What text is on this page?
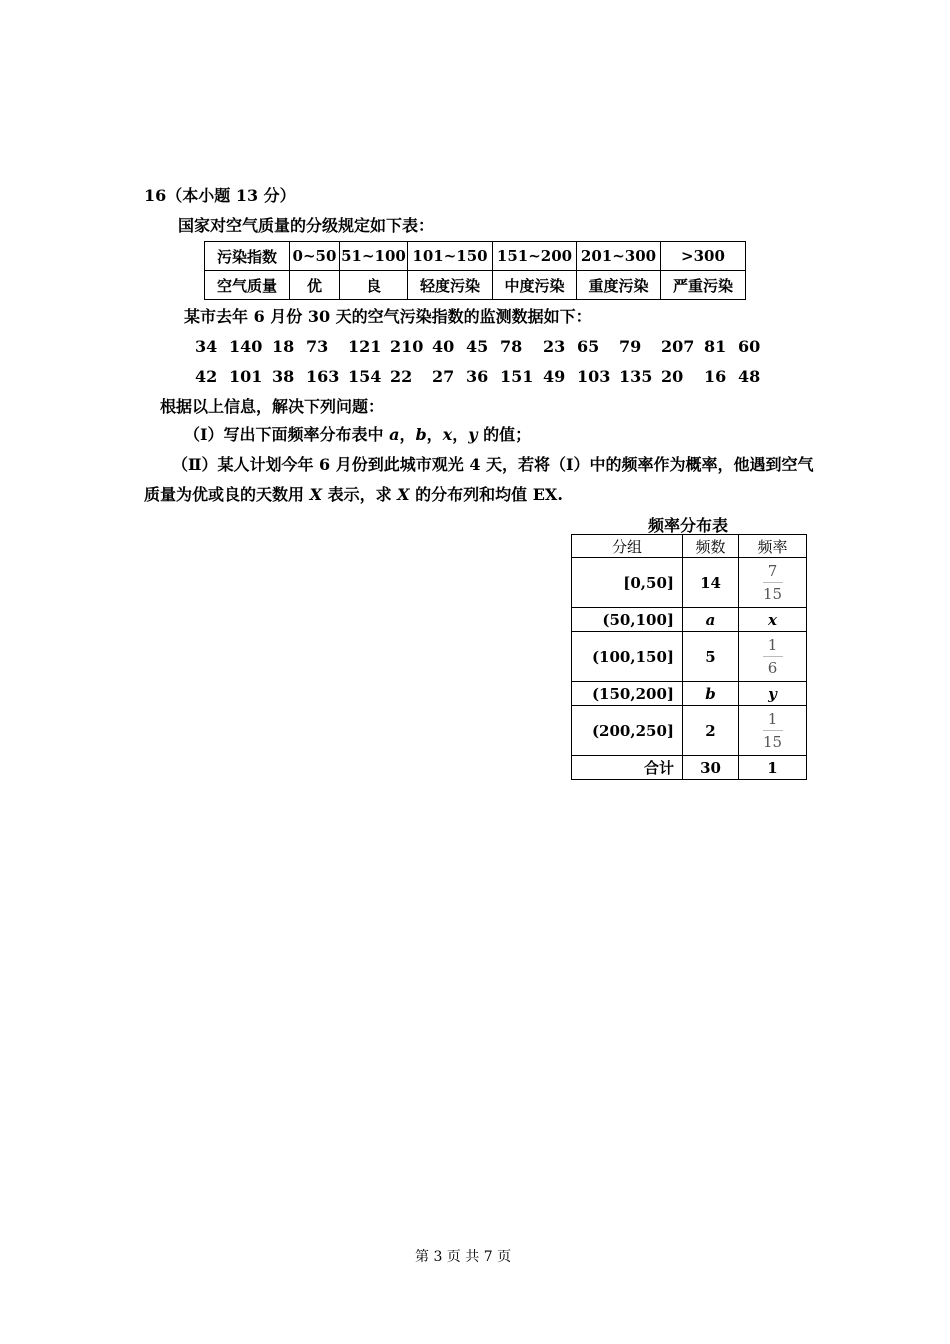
16（本小题 13 分）
国家对空气质量的分级规定如下表：
污染指数	0~50	51~100	101~150	151~200	201~300	>300
空气质量	优	良	轻度污染	中度污染	重度污染	严重污染
某市去年 6 月份 30 天的空气污染指数的监测数据如下：
34 140 18 73 121 210 40 45 78 23 65 79 207 81 60
42 101 38 163 154 22 27 36 151 49 103 135 20 16 48
根据以上信息，解决下列问题：
（Ⅰ）写出下面频率分布表中 a，b，x，y 的值；
（Ⅱ）某人计划今年 6 月份到此城市观光 4 天，若将（Ⅰ）中的频率作为概率，他遇到空气
质量为优或良的天数用 X 表示，求 X 的分布列和均值 EX.
频率分布表
分组	频数	频率
[0,50]	14	$\frac{7}{15}$

(50,100]	a	x
(100,150]	5	$\frac{1}{6}$

(150,200]	b	y
(200,250]	2	$\frac{1}{15}$

合计	30	1
第 3 页 共 7 页
